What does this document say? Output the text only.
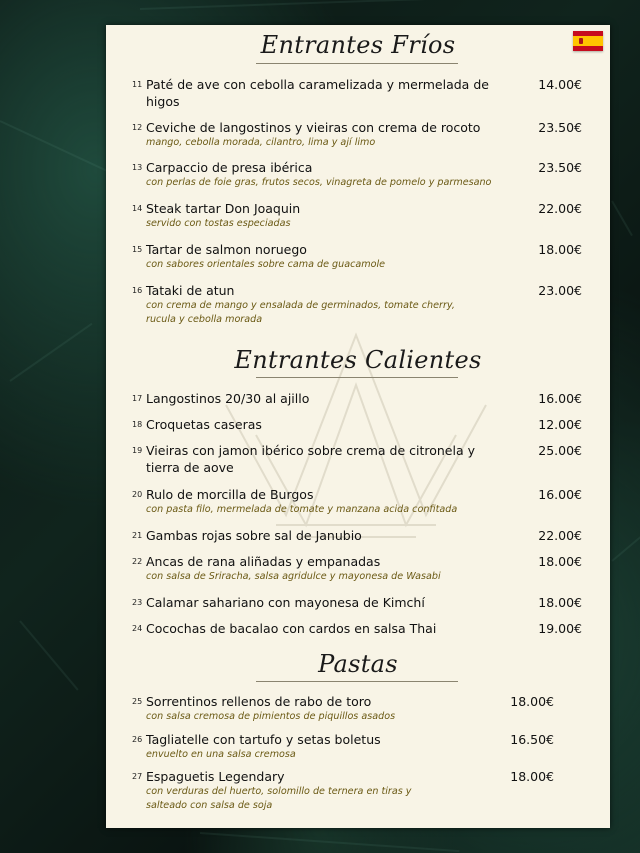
Entrantes Fríos
11 Paté de ave con cebolla caramelizada y mermelada de higos
14.00€
12 Ceviche de langostinos y vieiras con crema de rocoto
mango, cebolla morada, cilantro, lima y ají limo
23.50€
13 Carpaccio de presa ibérica
con perlas de foie gras, frutos secos, vinagreta de pomelo y parmesano
23.50€
14 Steak tartar Don Joaquin
servido con tostas especiadas
22.00€
15 Tartar de salmon noruego
con sabores orientales sobre cama de guacamole
18.00€
16 Tataki de atun
con crema de mango y ensalada de germinados, tomate cherry, rucula y cebolla morada
23.00€
Entrantes Calientes
17 Langostinos 20/30 al ajillo	16.00€
18 Croquetas caseras	12.00€
19 Vieiras con jamon ibérico sobre crema de citronela y tierra de aove
25.00€
20 Rulo de morcilla de Burgos
con pasta filo, mermelada de tomate y manzana acida confitada
16.00€
21 Gambas rojas sobre sal de Janubio	22.00€
22 Ancas de rana aliñadas y empanadas
con salsa de Sriracha, salsa agridulce y mayonesa de Wasabi
18.00€
23 Calamar sahariano con mayonesa de Kimchí	18.00€
24 Cocochas de bacalao con cardos en salsa Thai	19.00€
Pastas
25 Sorrentinos rellenos de rabo de toro
con salsa cremosa de pimientos de piquillos asados
18.00€
26 Tagliatelle con tartufo y setas boletus
envuelto en una salsa cremosa
16.50€
27 Espaguetis Legendary
con verduras del huerto, solomillo de ternera en tiras y salteado con salsa de soja
18.00€
